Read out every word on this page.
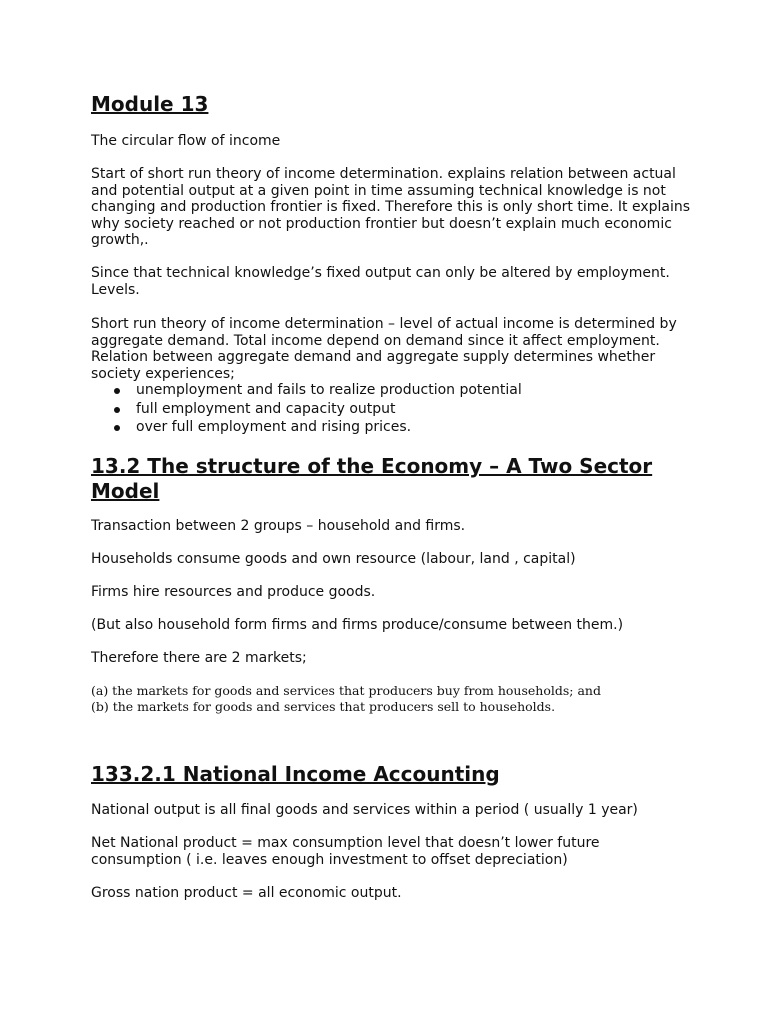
Module 13

The circular flow of income

Start of short run theory of income determination. explains relation between actual and potential output at a given point in time assuming technical knowledge is not changing and production frontier is fixed. Therefore this is only short time. It explains why society reached or not production frontier but doesn’t explain much economic growth,.

Since that technical knowledge’s fixed output can only be altered by employment. Levels.

Short run theory of income determination – level of actual income is determined by aggregate demand. Total income depend on demand since it affect employment. Relation between aggregate demand and aggregate supply determines whether society experiences;

unemployment and fails to realize production potential
full employment and capacity output
over full employment and rising prices.
13.2 The structure of the Economy – A Two Sector Model

Transaction between 2 groups – household and firms.

Households consume goods and own resource (labour, land , capital)

Firms hire resources and produce goods.

(But also household form firms and firms produce/consume between them.)

Therefore there are 2 markets;

(a) the markets for goods and services that producers buy from households; and

(b) the markets for goods and services that producers sell to households.

133.2.1 National Income Accounting

National output is all final goods and services within a period ( usually 1 year)

Net National product = max consumption level that doesn’t lower future consumption ( i.e. leaves enough investment to offset depreciation)

Gross nation product = all economic output.
